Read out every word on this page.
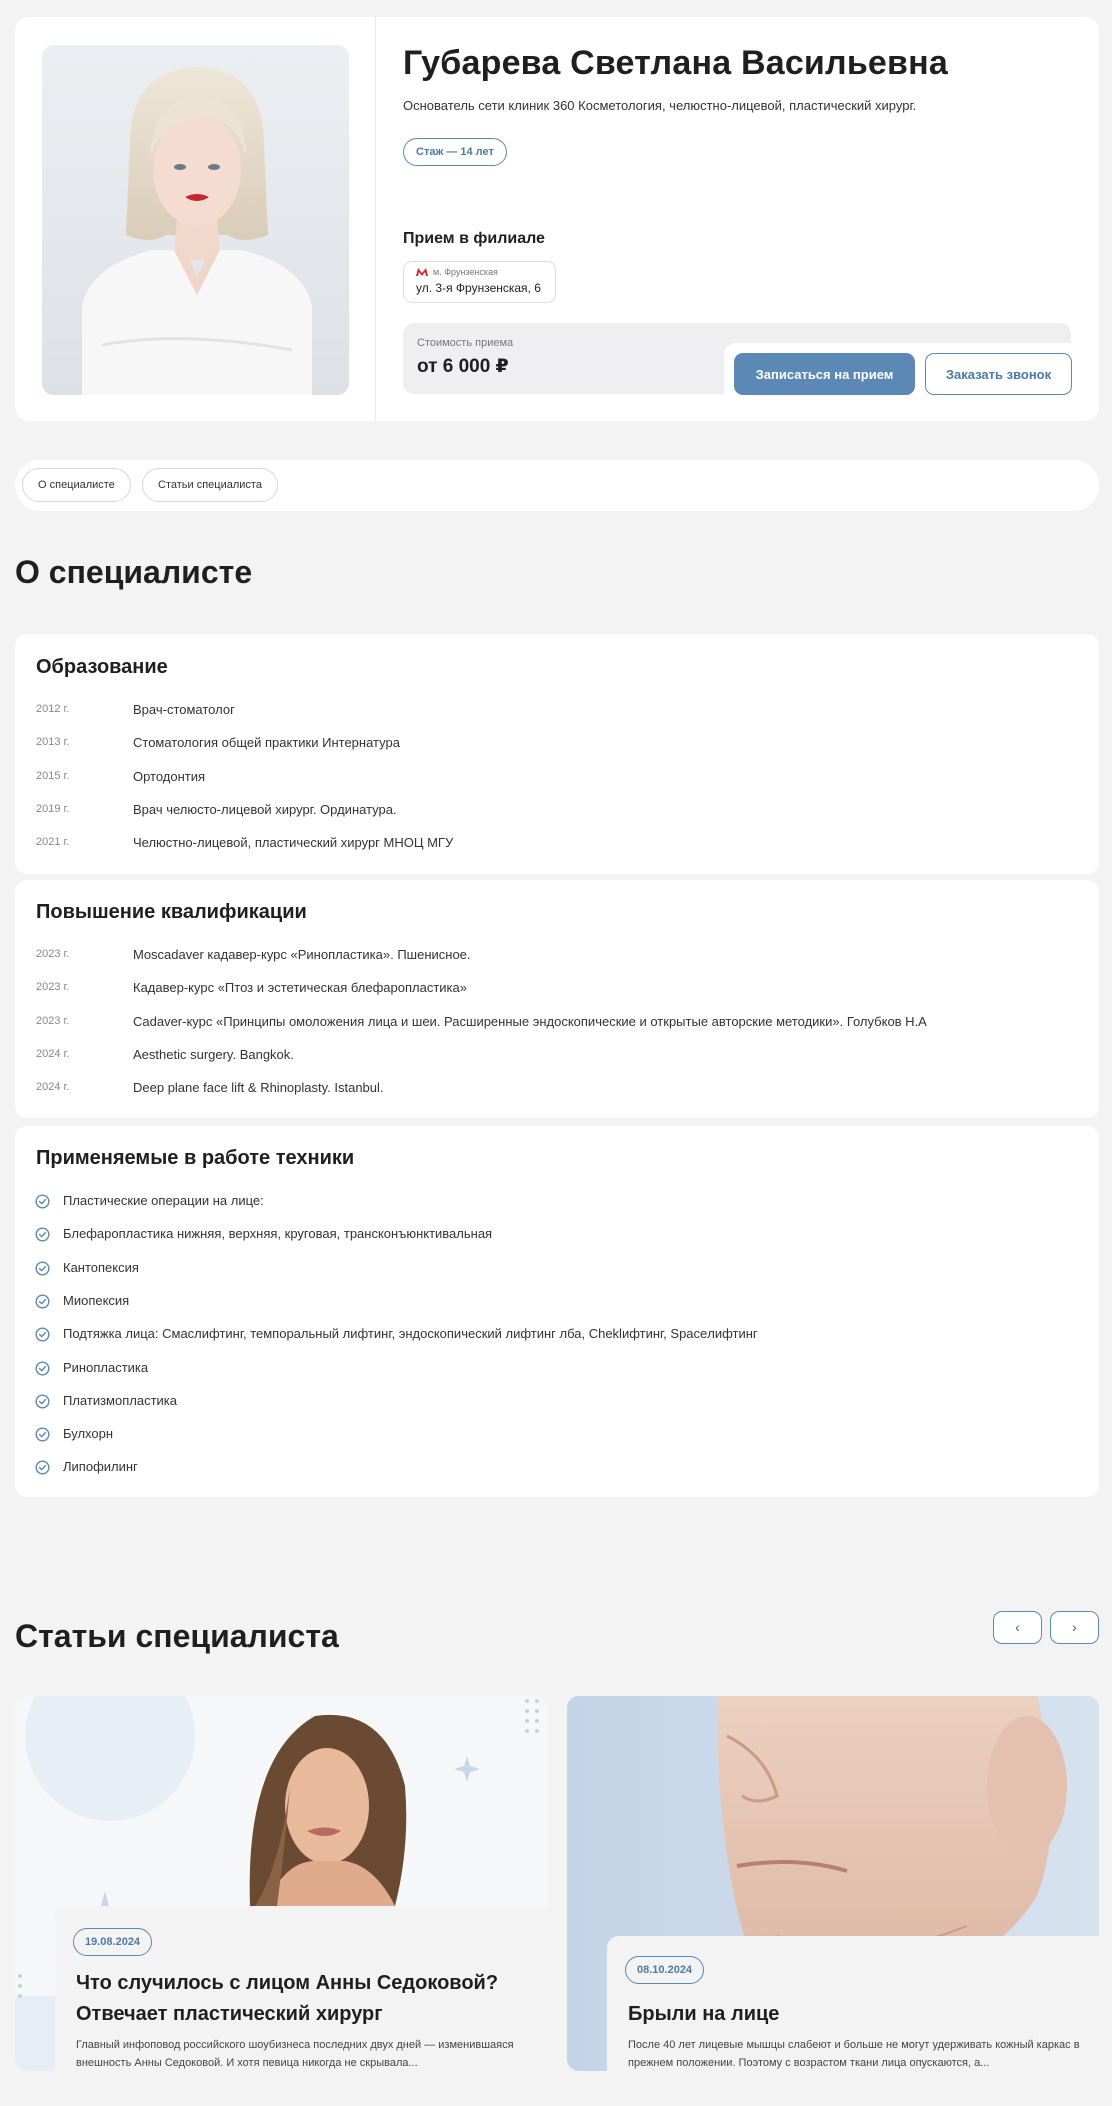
Губарева Светлана Васильевна
Основатель сети клиник 360 Косметология, челюстно-лицевой, пластический хирург.
Стаж — 14 лет
Прием в филиале
м. Фрунзенская
ул. 3-я Фрунзенская, 6
Стоимость приема
от 6 000 ₽	Записаться на прием	Заказать звонок
О специалисте	Статьи специалиста
О специалисте
Образование
2012 г.	Врач-стоматолог
2013 г.	Стоматология общей практики Интернатура
2015 г.	Ортодонтия
2019 г.	Врач челюсто-лицевой хирург. Ординатура.
2021 г.	Челюстно-лицевой, пластический хирург МНОЦ МГУ
Повышение квалификации
2023 г.	Moscadaver кадавер-курс «Ринопластика». Пшенисное.
2023 г.	Кадавер-курс «Птоз и эстетическая блефаропластика»
2023 г.	Cadaver-курс «Принципы омоложения лица и шеи. Расширенные эндоскопические и открытые авторские методики». Голубков Н.А
2024 г.	Aesthetic surgery. Bangkok.
2024 г.	Deep plane face lift & Rhinoplasty. Istanbul.
Применяемые в работе техники
Пластические операции на лице:
Блефаропластика нижняя, верхняя, круговая, трансконъюнктивальная
Кантопексия
Миопексия
Подтяжка лица: Смаслифтинг, темпоральный лифтинг, эндоскопический лифтинг лба, Cheklифтинг, Spaceлифтинг
Ринопластика
Платизмопластика
Булхорн
Липофилинг
Статьи специалиста	‹	›
19.08.2024
Что случилось с лицом Анны Седоковой? Отвечает пластический хирург
Главный инфоповод российского шоубизнеса последних двух дней — изменившаяся внешность Анны Седоковой. И хотя певица никогда не скрывала...
08.10.2024
Брыли на лице
После 40 лет лицевые мышцы слабеют и больше не могут удерживать кожный каркас в прежнем положении. Поэтому с возрастом ткани лица опускаются, а...
